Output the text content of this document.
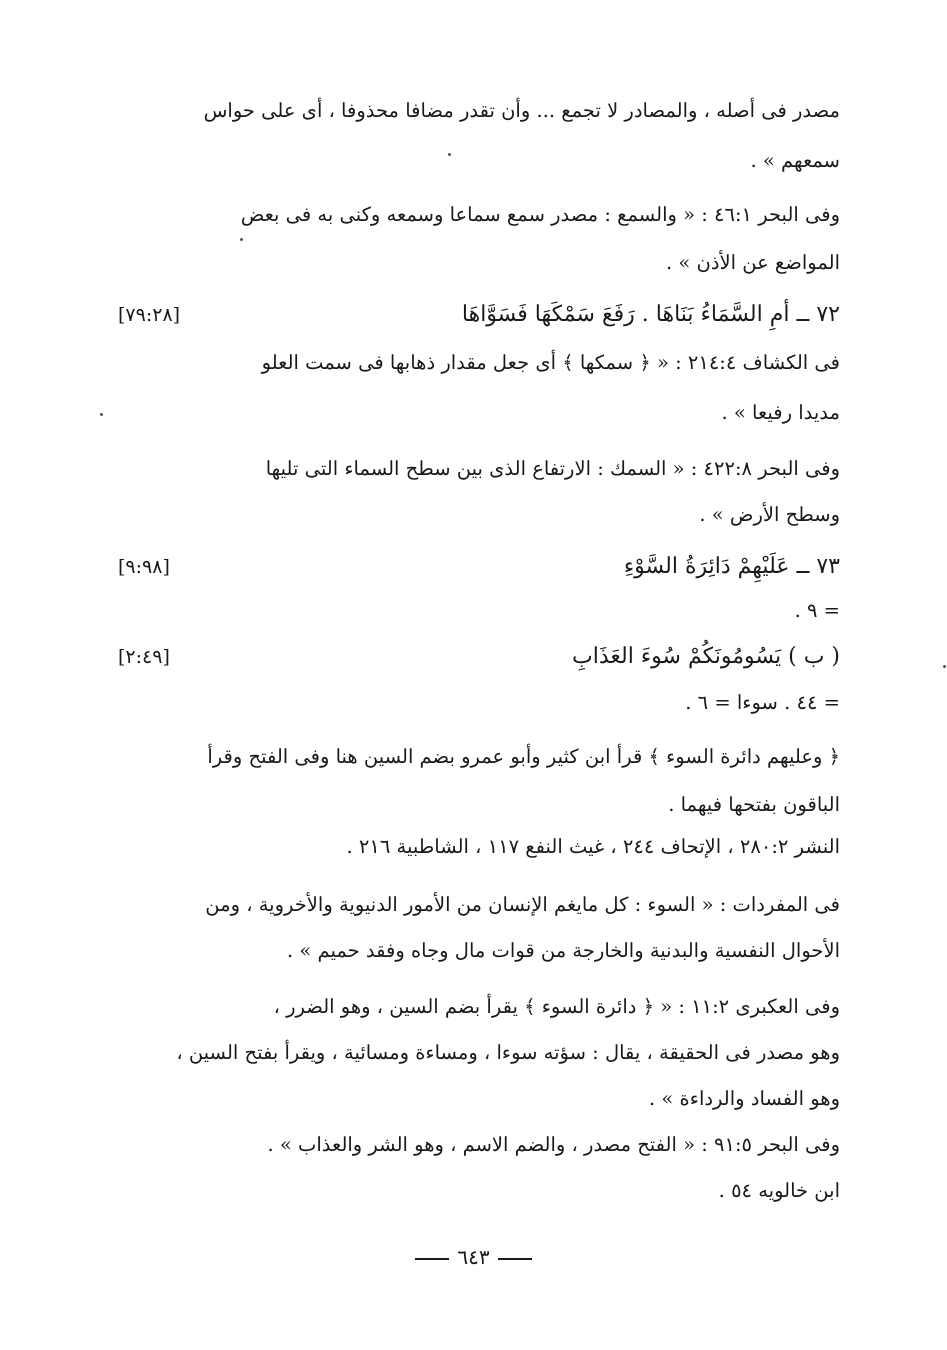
مصدر فى أصله ، والمصادر لا تجمع ... وأن تقدر مضافا محذوفا ، أى على حواس
سمعهم » .
وفى البحر ٤٦:١ : « والسمع : مصدر سمع سماعا وسمعه وكنى به فى بعض
المواضع عن الأذن » .
٧٢ ــ أمِ السَّمَاءُ بَنَاهَا . رَفَعَ سَمْكَهَا فَسَوَّاهَا
[٧٩:٢٨]
فى الكشاف ٢١٤:٤ : « ﴿ سمكها ﴾ أى جعل مقدار ذهابها فى سمت العلو
مديدا رفيعا » .
وفى البحر ٤٢٢:٨ : « السمك : الارتفاع الذى بين سطح السماء التى تليها
وسطح الأرض » .
٧٣ ــ عَلَيْهِمْ دَائِرَةُ السَّوْءِ
[٩:٩٨]
= ٩ .
( ب ) يَسُومُونَكُمْ سُوءَ العَذَابِ
[٢:٤٩]
= ٤٤ . سوءا = ٦ .
﴿ وعليهم دائرة السوء ﴾ قرأ ابن كثير وأبو عمرو بضم السين هنا وفى الفتح وقرأ
الباقون بفتحها فيهما .
النشر ٢٨٠:٢ ، الإتحاف ٢٤٤ ، غيث النفع ١١٧ ، الشاطبية ٢١٦ .
فى المفردات : « السوء : كل مايغم الإنسان من الأمور الدنيوية والأخروية ، ومن
الأحوال النفسية والبدنية والخارجة من قوات مال وجاه وفقد حميم » .
وفى العكبرى ١١:٢ : « ﴿ دائرة السوء ﴾ يقرأ بضم السين ، وهو الضرر ،
وهو مصدر فى الحقيقة ، يقال : سؤته سوءا ، ومساءة ومسائية ، ويقرأ بفتح السين ،
وهو الفساد والرداءة » .
وفى البحر ٩١:٥ : « الفتح مصدر ، والضم الاسم ، وهو الشر والعذاب » .
ابن خالويه ٥٤ .
٦٤٣
